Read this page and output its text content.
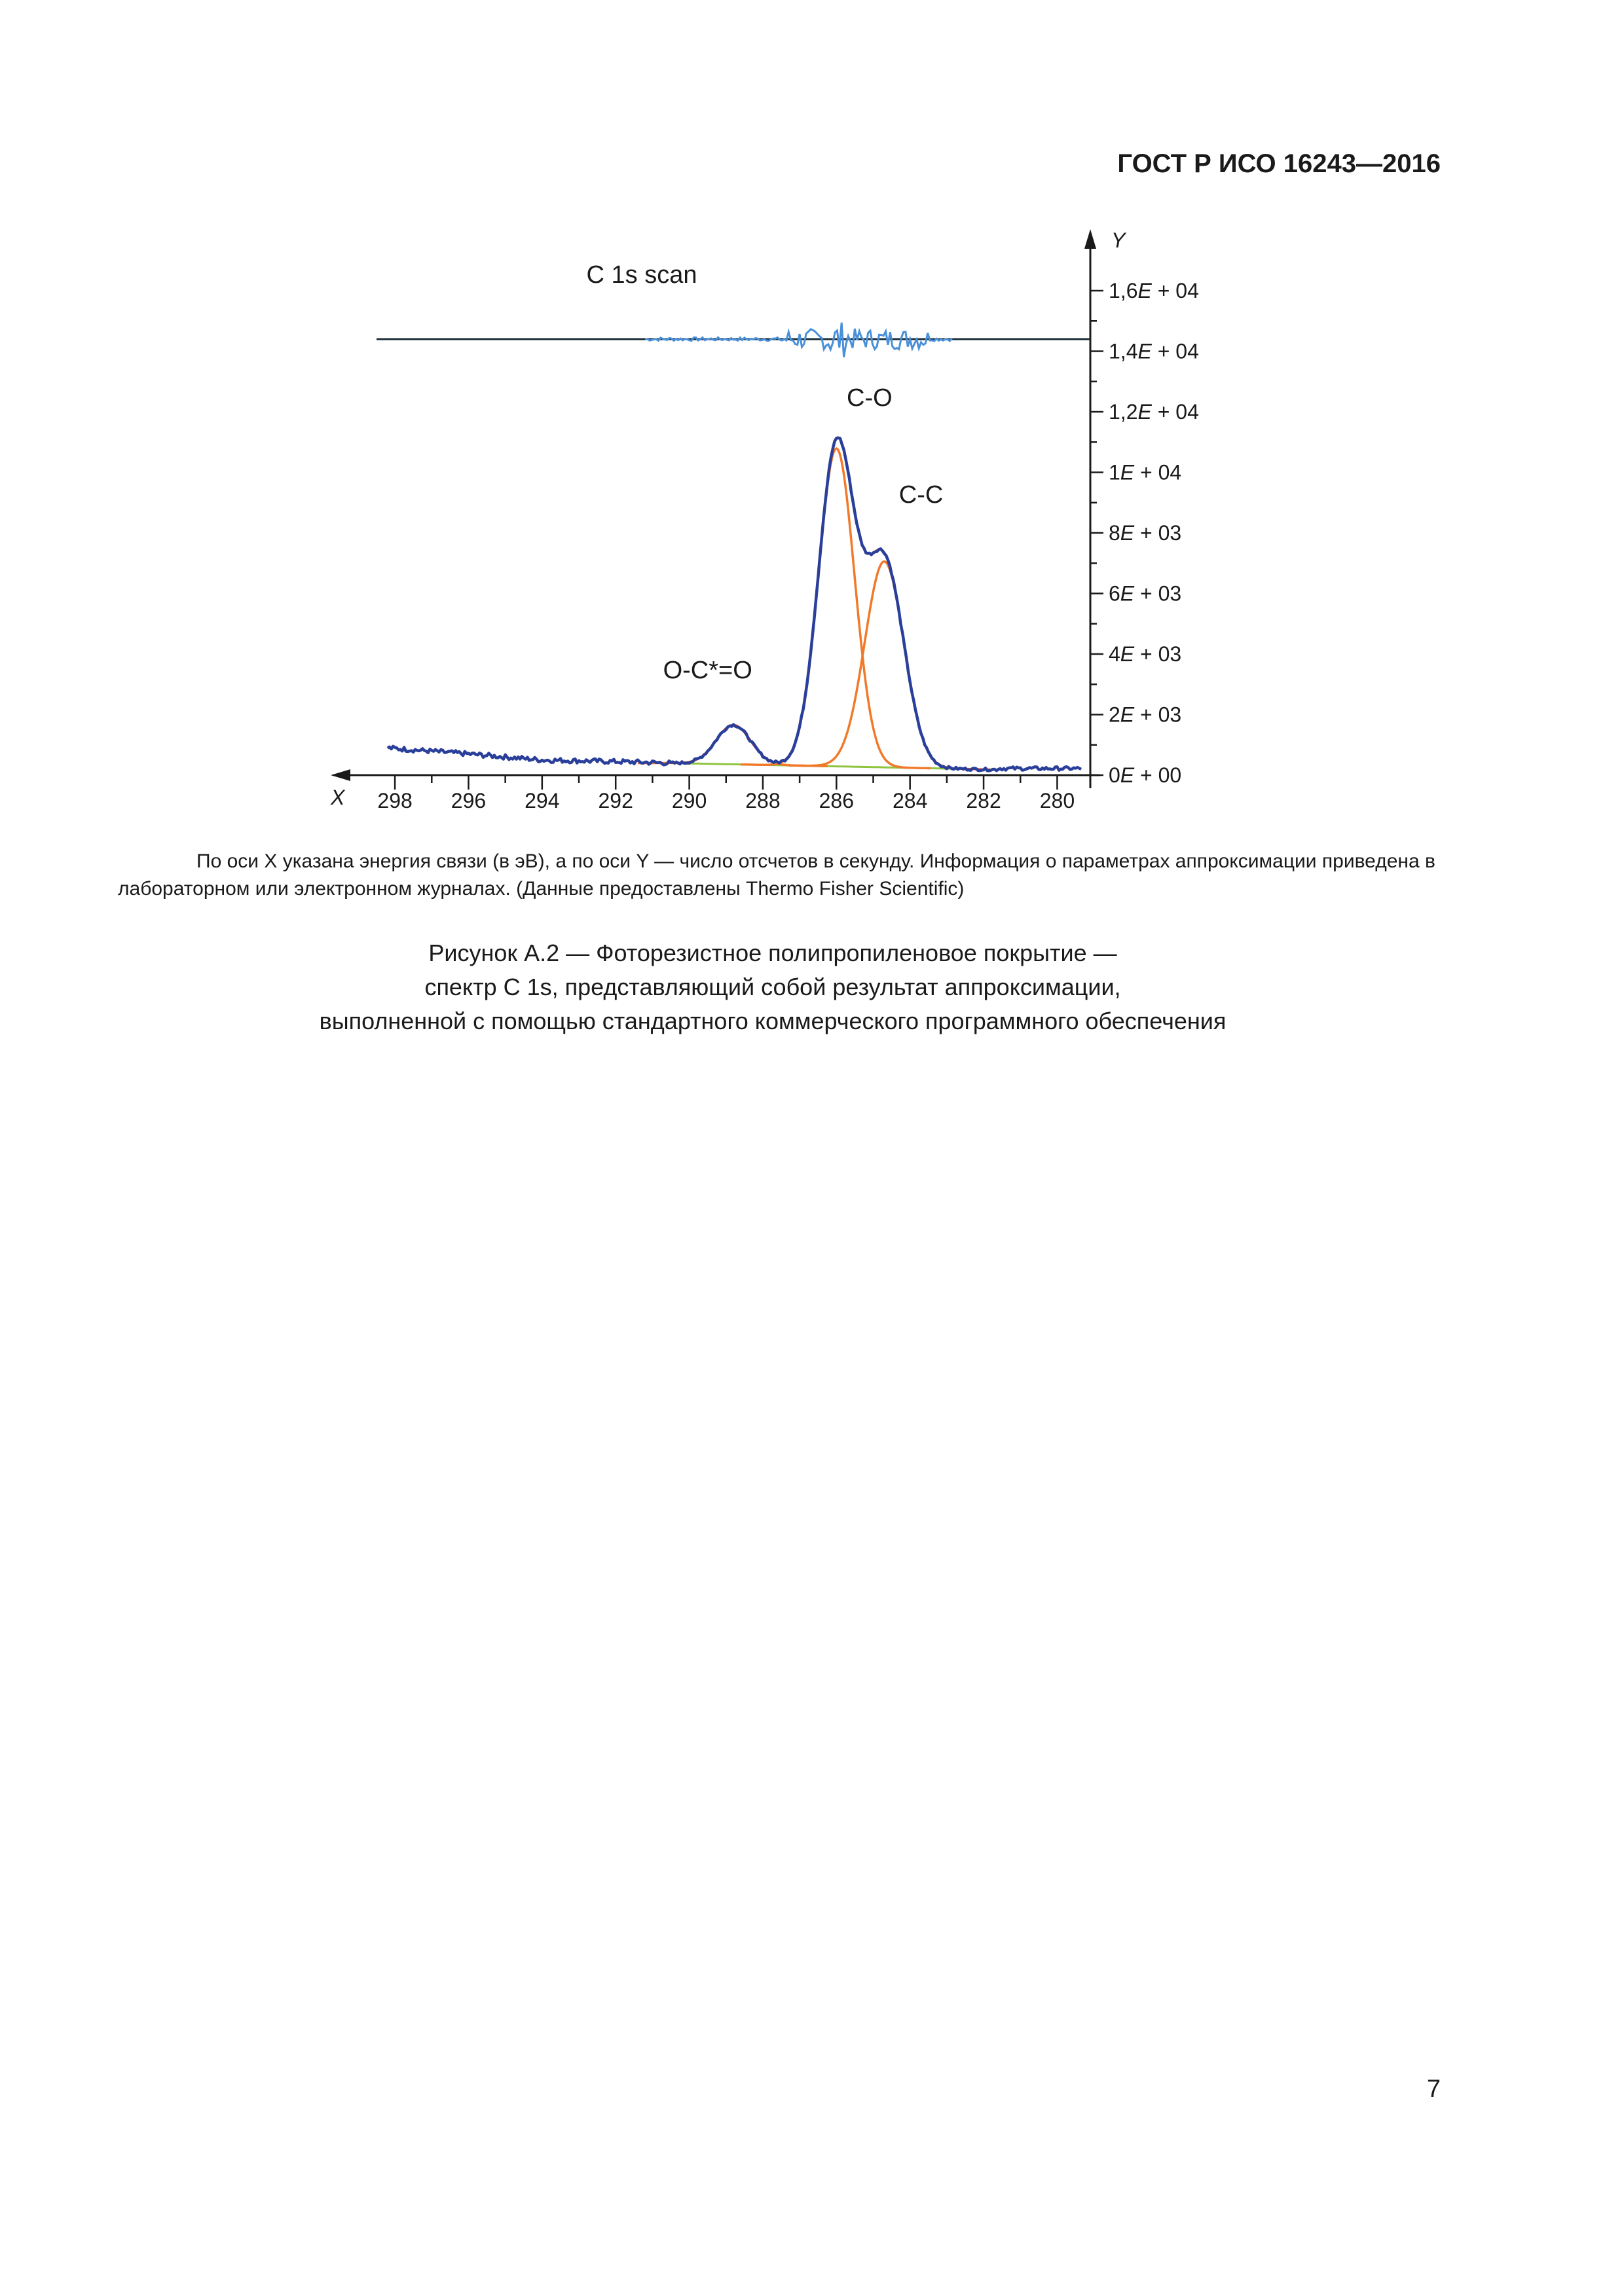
ГОСТ Р ИСО 16243—2016
X
Y
298 296 294 292 290 288 286 284 282 280
0E + 00
2E + 03
4E + 03
6E + 03
8E + 03
1E + 04
1,2E + 04
1,4E + 04
1,6E + 04
C 1s scan
C-O
C-C
O-C*=O
По оси X указана энергия связи (в эВ), а по оси Y — число отсчетов в секунду. Информация о параметрах аппроксимации приведена в лабораторном или электронном журналах. (Данные предоставлены Thermo Fisher Scientific)
Рисунок А.2 — Фоторезистное полипропиленовое покрытие —
спектр C 1s, представляющий собой результат аппроксимации,
выполненной с помощью стандартного коммерческого программного обеспечения
7
